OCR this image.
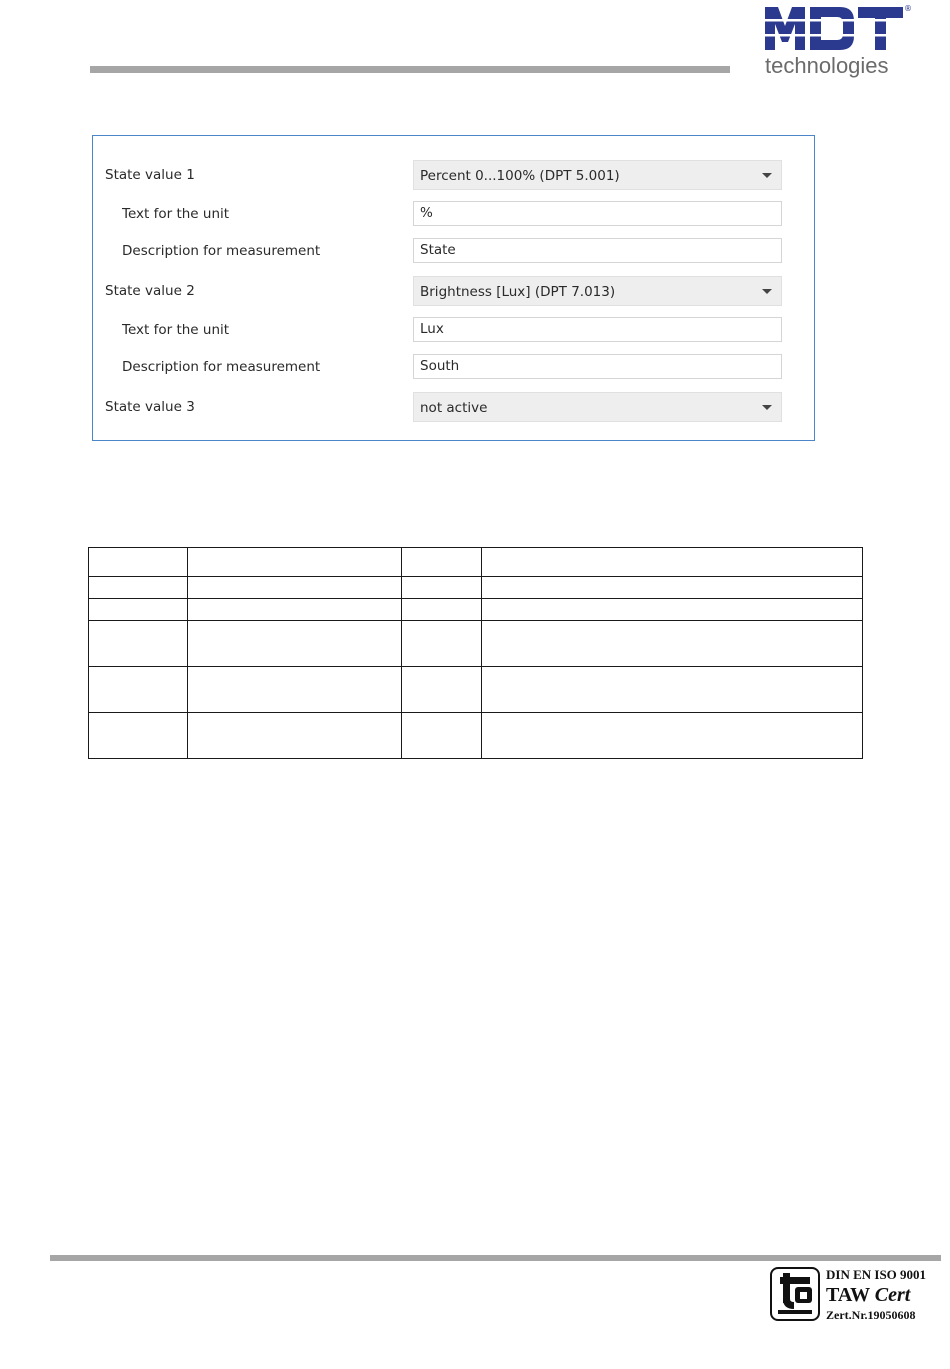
®
technologies
State value 1	Percent 0...100% (DPT 5.001)
Text for the unit	%
Description for measurement	State
State value 2	Brightness [Lux] (DPT 7.013)
Text for the unit	Lux
Description for measurement	South
State value 3	not active

DIN EN ISO 9001
TAW Cert
Zert.Nr.19050608
